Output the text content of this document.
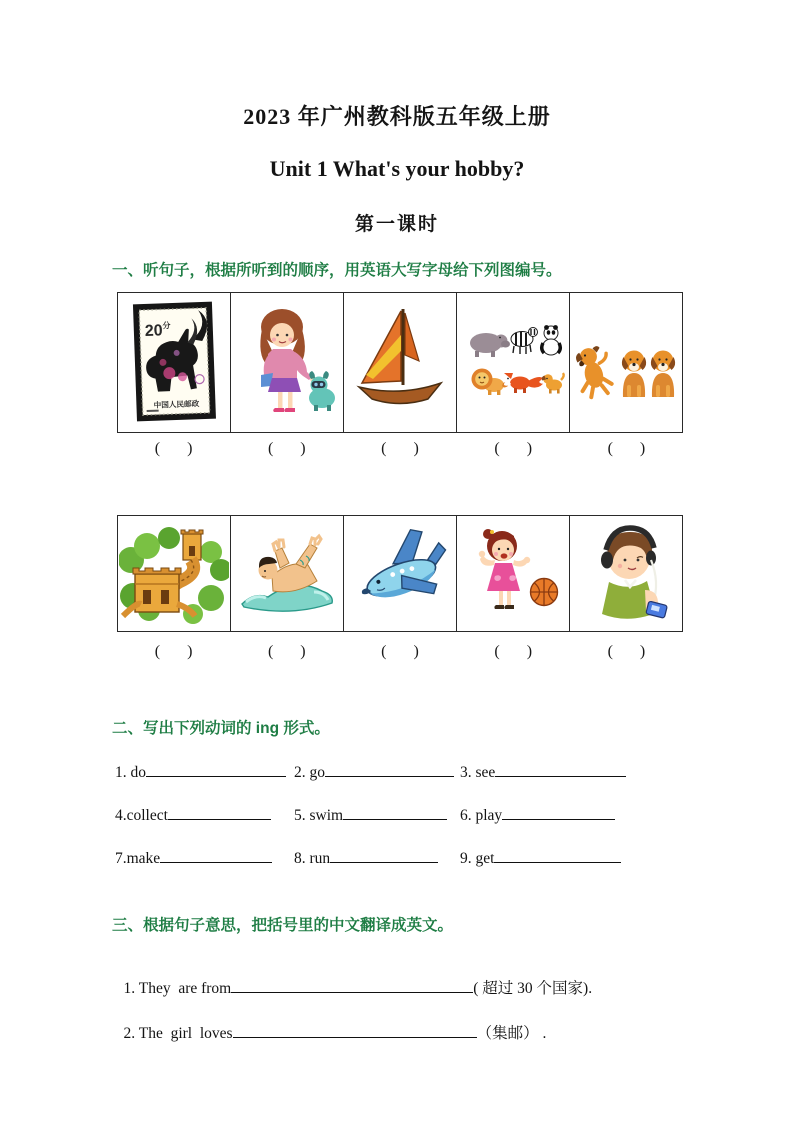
2023 年广州教科版五年级上册
Unit 1 What's your hobby?
第一课时
一、听句子，根据所听到的顺序，用英语大写字母给下列图编号。
$20^分$
中国人民邮政
( )	( )	( )	( )	( )
( )	( )	( )	( )	( )
二、写出下列动词的 ing 形式。
1. do	2. go	3. see
4.collect	5. swim	6. play
7.make	8. run	9. get
三、根据句子意思，把括号里的中文翻译成英文。

1. They  are from	( 超过 30 个国家).

2. The  girl  loves	（集邮） .
